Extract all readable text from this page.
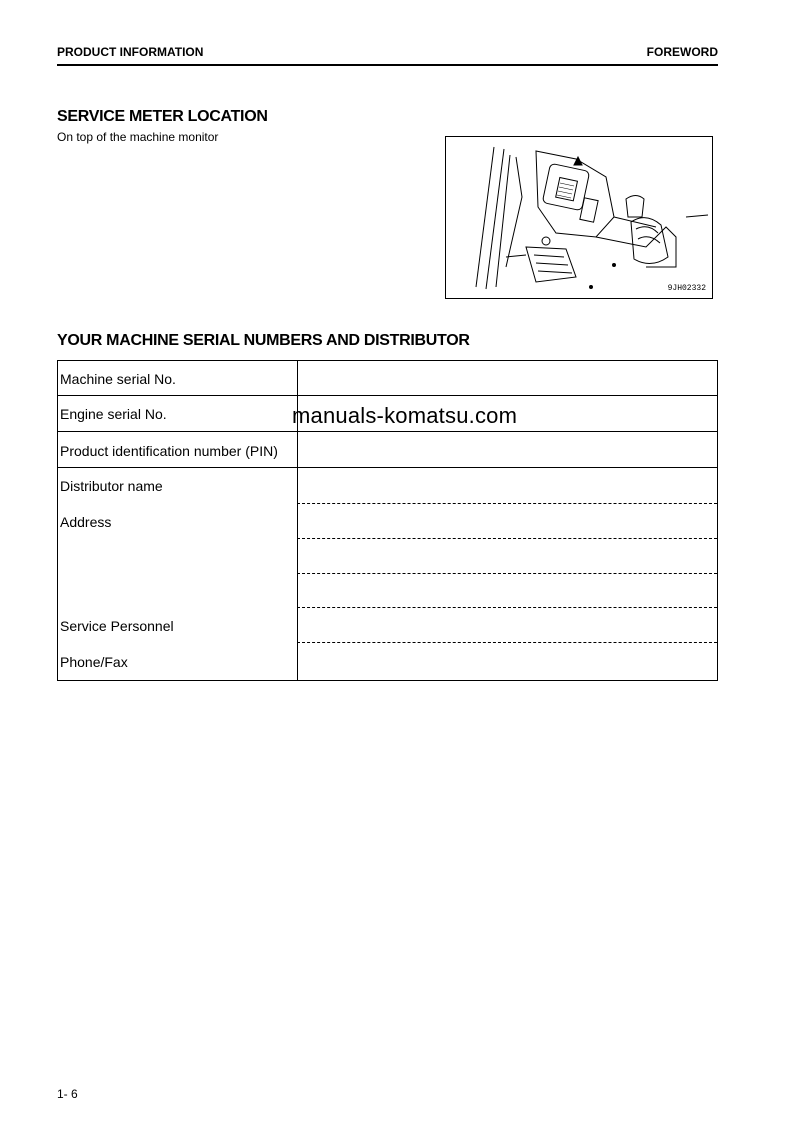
PRODUCT INFORMATION	FOREWORD
SERVICE METER LOCATION
On top of the machine monitor
9JH02332
YOUR MACHINE SERIAL NUMBERS AND DISTRIBUTOR
Machine serial No.
Engine serial No.
Product identification number (PIN)
Distributor name
Address
Service Personnel
Phone/Fax
manuals-komatsu.com
1- 6
